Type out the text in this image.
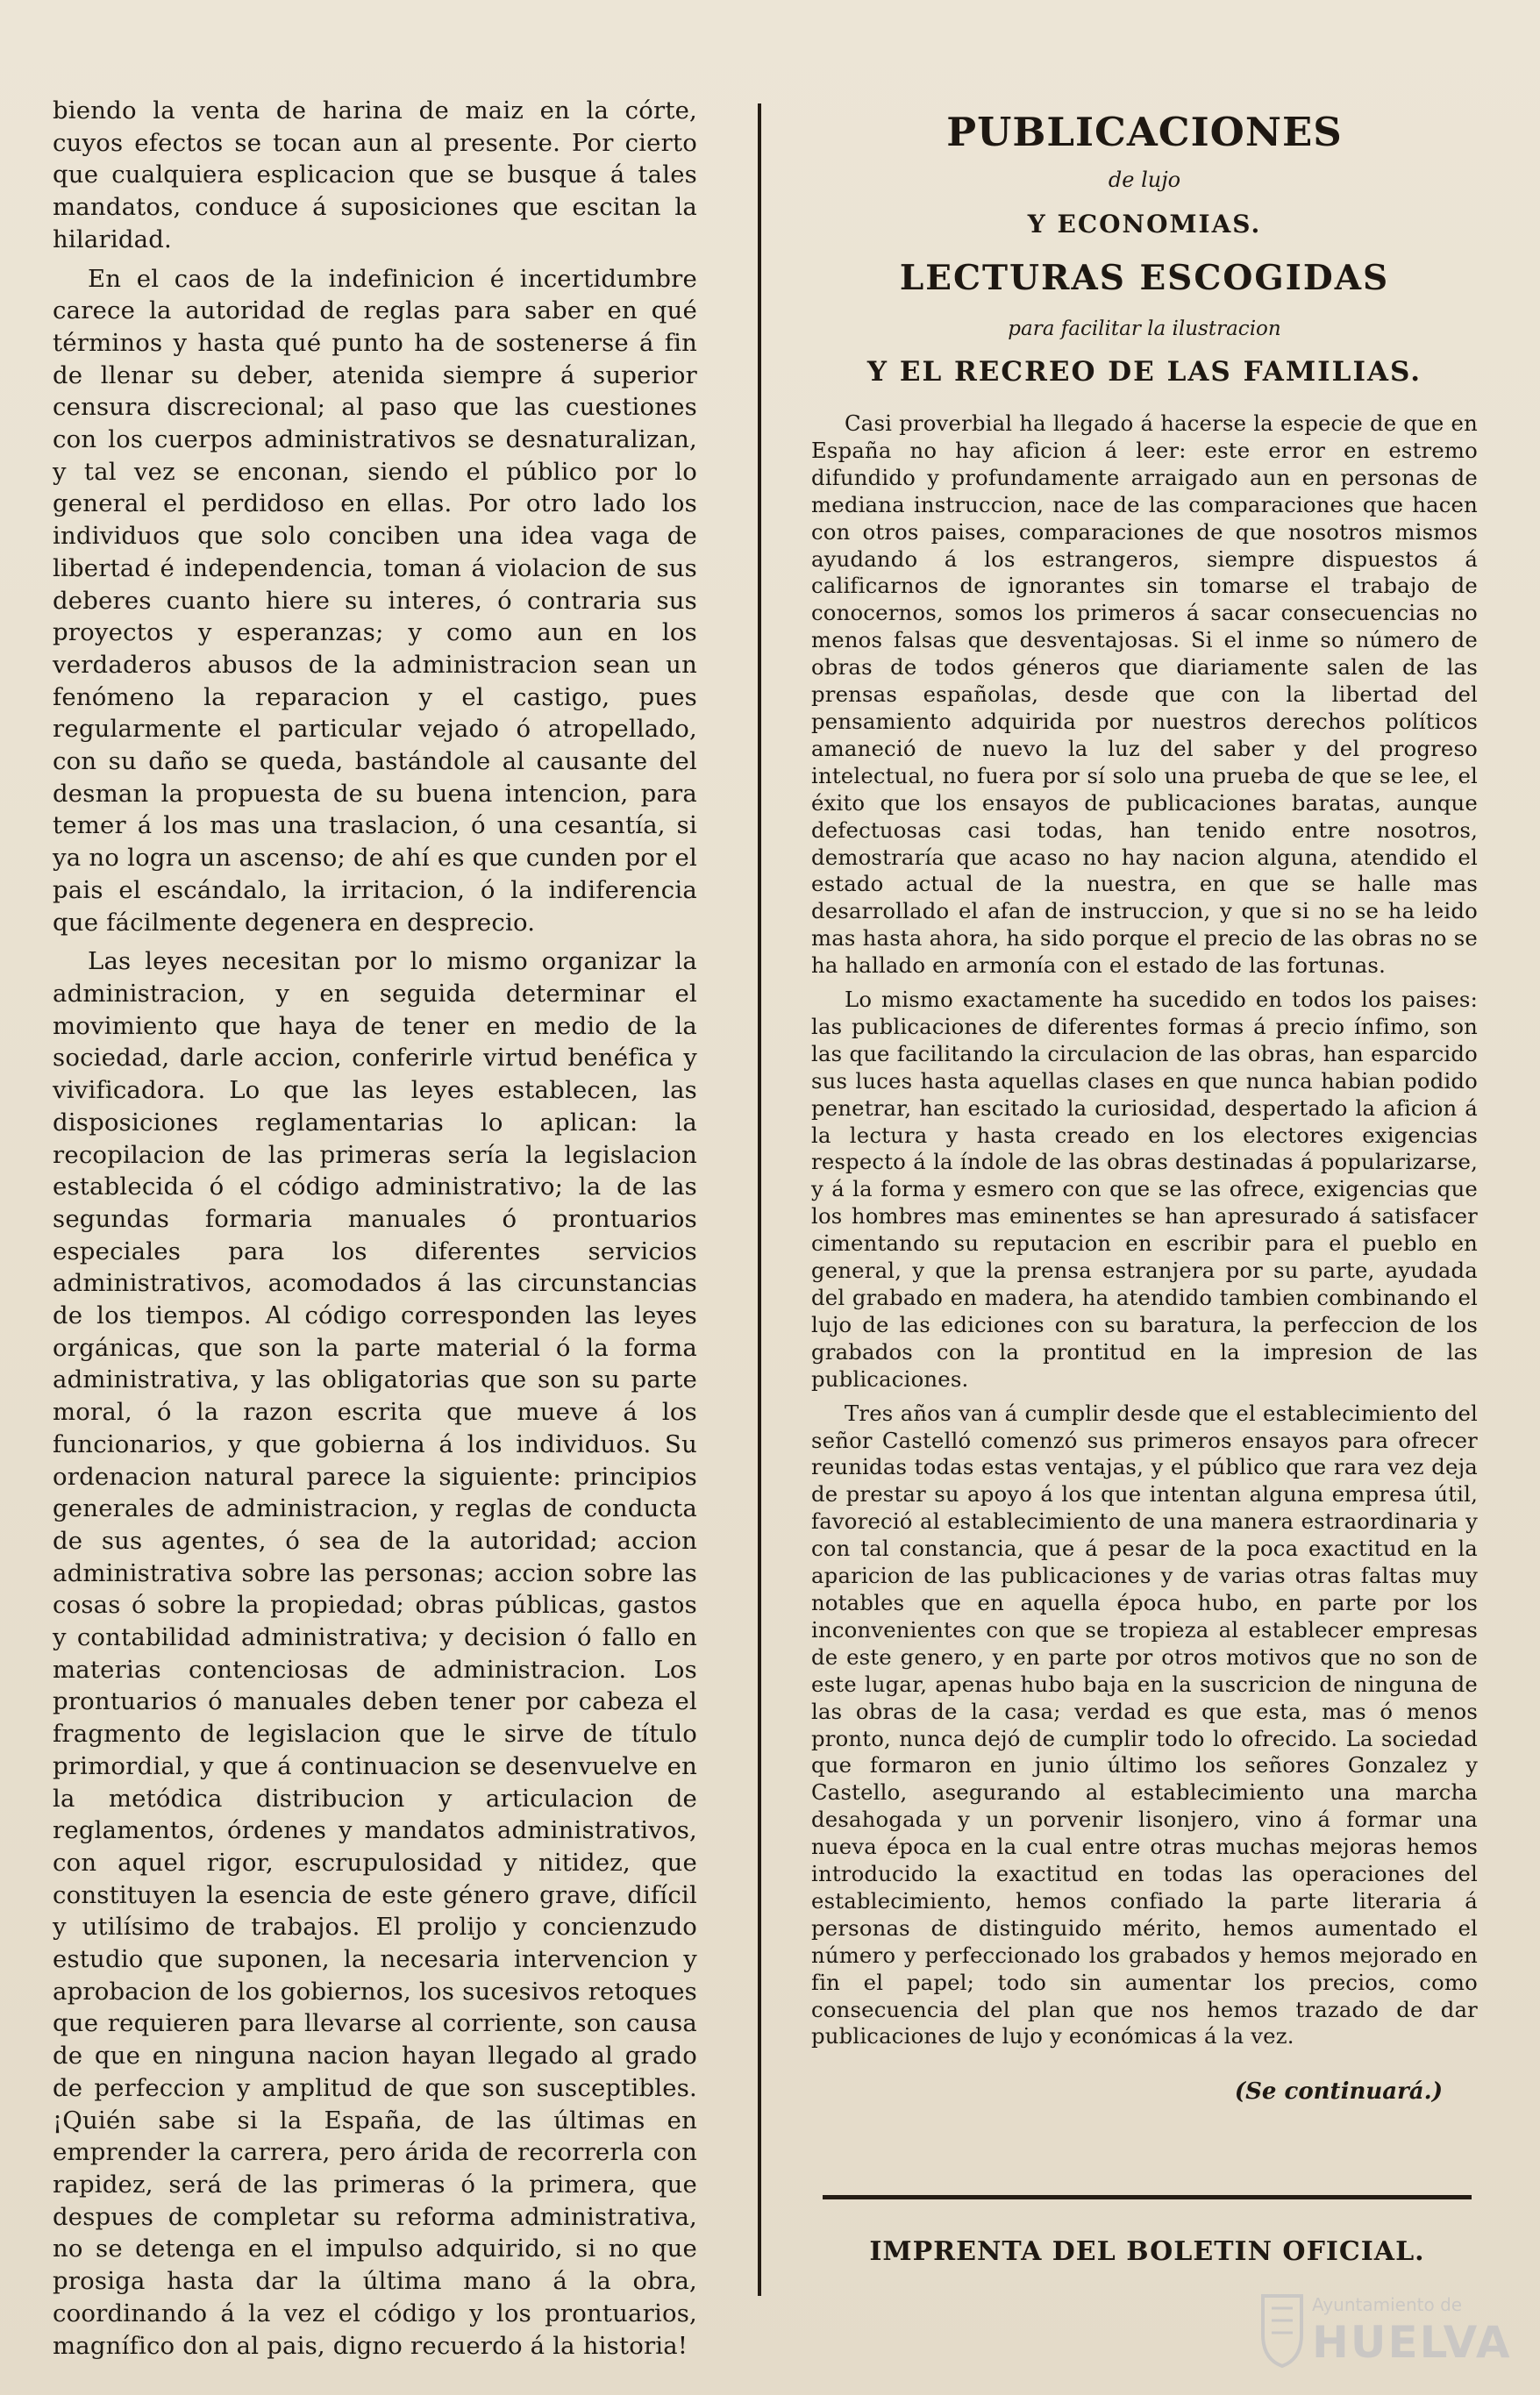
biendo la venta de harina de maiz en la córte, cuyos efectos se tocan aun al presente. Por cierto que cualquiera esplicacion que se busque á tales mandatos, conduce á suposiciones que escitan la hilaridad.

En el caos de la indefinicion é incertidumbre carece la autoridad de reglas para saber en qué términos y hasta qué punto ha de sostenerse á fin de llenar su deber, atenida siempre á superior censura discrecional; al paso que las cuestiones con los cuerpos administrativos se desnaturalizan, y tal vez se enconan, siendo el público por lo general el perdidoso en ellas. Por otro lado los individuos que solo conciben una idea vaga de libertad é independencia, toman á violacion de sus deberes cuanto hiere su interes, ó contraria sus proyectos y esperanzas; y como aun en los verdaderos abusos de la administracion sean un fenómeno la reparacion y el castigo, pues regularmente el particular vejado ó atropellado, con su daño se queda, bastándole al causante del desman la propuesta de su buena intencion, para temer á los mas una traslacion, ó una cesantía, si ya no logra un ascenso; de ahí es que cunden por el pais el escándalo, la irritacion, ó la indiferencia que fácilmente degenera en desprecio.

Las leyes necesitan por lo mismo organizar la administracion, y en seguida determinar el movimiento que haya de tener en medio de la sociedad, darle accion, conferirle virtud benéfica y vivificadora. Lo que las leyes establecen, las disposiciones reglamentarias lo aplican: la recopilacion de las primeras sería la legislacion establecida ó el código administrativo; la de las segundas formaria manuales ó prontuarios especiales para los diferentes servicios administrativos, acomodados á las circunstancias de los tiempos. Al código corresponden las leyes orgánicas, que son la parte material ó la forma administrativa, y las obligatorias que son su parte moral, ó la razon escrita que mueve á los funcionarios, y que gobierna á los individuos. Su ordenacion natural parece la siguiente: principios generales de administracion, y reglas de conducta de sus agentes, ó sea de la autoridad; accion administrativa sobre las personas; accion sobre las cosas ó sobre la propiedad; obras públicas, gastos y contabilidad administrativa; y decision ó fallo en materias contenciosas de administracion. Los prontuarios ó manuales deben tener por cabeza el fragmento de legislacion que le sirve de título primordial, y que á continuacion se desenvuelve en la metódica distribucion y articulacion de reglamentos, órdenes y mandatos administrativos, con aquel rigor, escrupulosidad y nitidez, que constituyen la esencia de este género grave, difícil y utilísimo de trabajos. El prolijo y concienzudo estudio que suponen, la necesaria intervencion y aprobacion de los gobiernos, los sucesivos retoques que requieren para llevarse al corriente, son causa de que en ninguna nacion hayan llegado al grado de perfeccion y amplitud de que son susceptibles. ¡Quién sabe si la España, de las últimas en emprender la carrera, pero árida de recorrerla con rapidez, será de las primeras ó la primera, que despues de completar su reforma administrativa, no se detenga en el impulso adquirido, si no que prosiga hasta dar la última mano á la obra, coordinando á la vez el código y los prontuarios, magnífico don al pais, digno recuerdo á la historia!

PUBLICACIONES

de lujo

Y ECONOMIAS.

LECTURAS ESCOGIDAS

para facilitar la ilustracion

Y EL RECREO DE LAS FAMILIAS.

Casi proverbial ha llegado á hacerse la especie de que en España no hay aficion á leer: este error en estremo difundido y profundamente arraigado aun en personas de mediana instruccion, nace de las comparaciones que hacen con otros paises, comparaciones de que nosotros mismos ayudando á los estrangeros, siempre dispuestos á calificarnos de ignorantes sin tomarse el trabajo de conocernos, somos los primeros á sacar consecuencias no menos falsas que desventajosas. Si el inme so número de obras de todos géneros que diariamente salen de las prensas españolas, desde que con la libertad del pensamiento adquirida por nuestros derechos políticos amaneció de nuevo la luz del saber y del progreso intelectual, no fuera por sí solo una prueba de que se lee, el éxito que los ensayos de publicaciones baratas, aunque defectuosas casi todas, han tenido entre nosotros, demostraría que acaso no hay nacion alguna, atendido el estado actual de la nuestra, en que se halle mas desarrollado el afan de instruccion, y que si no se ha leido mas hasta ahora, ha sido porque el precio de las obras no se ha hallado en armonía con el estado de las fortunas.

Lo mismo exactamente ha sucedido en todos los paises: las publicaciones de diferentes formas á precio ínfimo, son las que facilitando la circulacion de las obras, han esparcido sus luces hasta aquellas clases en que nunca habian podido penetrar, han escitado la curiosidad, despertado la aficion á la lectura y hasta creado en los electores exigencias respecto á la índole de las obras destinadas á popularizarse, y á la forma y esmero con que se las ofrece, exigencias que los hombres mas eminentes se han apresurado á satisfacer cimentando su reputacion en escribir para el pueblo en general, y que la prensa estranjera por su parte, ayudada del grabado en madera, ha atendido tambien combinando el lujo de las ediciones con su baratura, la perfeccion de los grabados con la prontitud en la impresion de las publicaciones.

Tres años van á cumplir desde que el establecimiento del señor Castelló comenzó sus primeros ensayos para ofrecer reunidas todas estas ventajas, y el público que rara vez deja de prestar su apoyo á los que intentan alguna empresa útil, favoreció al establecimiento de una manera estraordinaria y con tal constancia, que á pesar de la poca exactitud en la aparicion de las publicaciones y de varias otras faltas muy notables que en aquella época hubo, en parte por los inconvenientes con que se tropieza al establecer empresas de este genero, y en parte por otros motivos que no son de este lugar, apenas hubo baja en la suscricion de ninguna de las obras de la casa; verdad es que esta, mas ó menos pronto, nunca dejó de cumplir todo lo ofrecido. La sociedad que formaron en junio último los señores Gonzalez y Castello, asegurando al establecimiento una marcha desahogada y un porvenir lisonjero, vino á formar una nueva época en la cual entre otras muchas mejoras hemos introducido la exactitud en todas las operaciones del establecimiento, hemos confiado la parte literaria á personas de distinguido mérito, hemos aumentado el número y perfeccionado los grabados y hemos mejorado en fin el papel; todo sin aumentar los precios, como consecuencia del plan que nos hemos trazado de dar publicaciones de lujo y económicas á la vez.

(Se continuará.)

IMPRENTA DEL BOLETIN OFICIAL.
Ayuntamiento de
HUELVA
